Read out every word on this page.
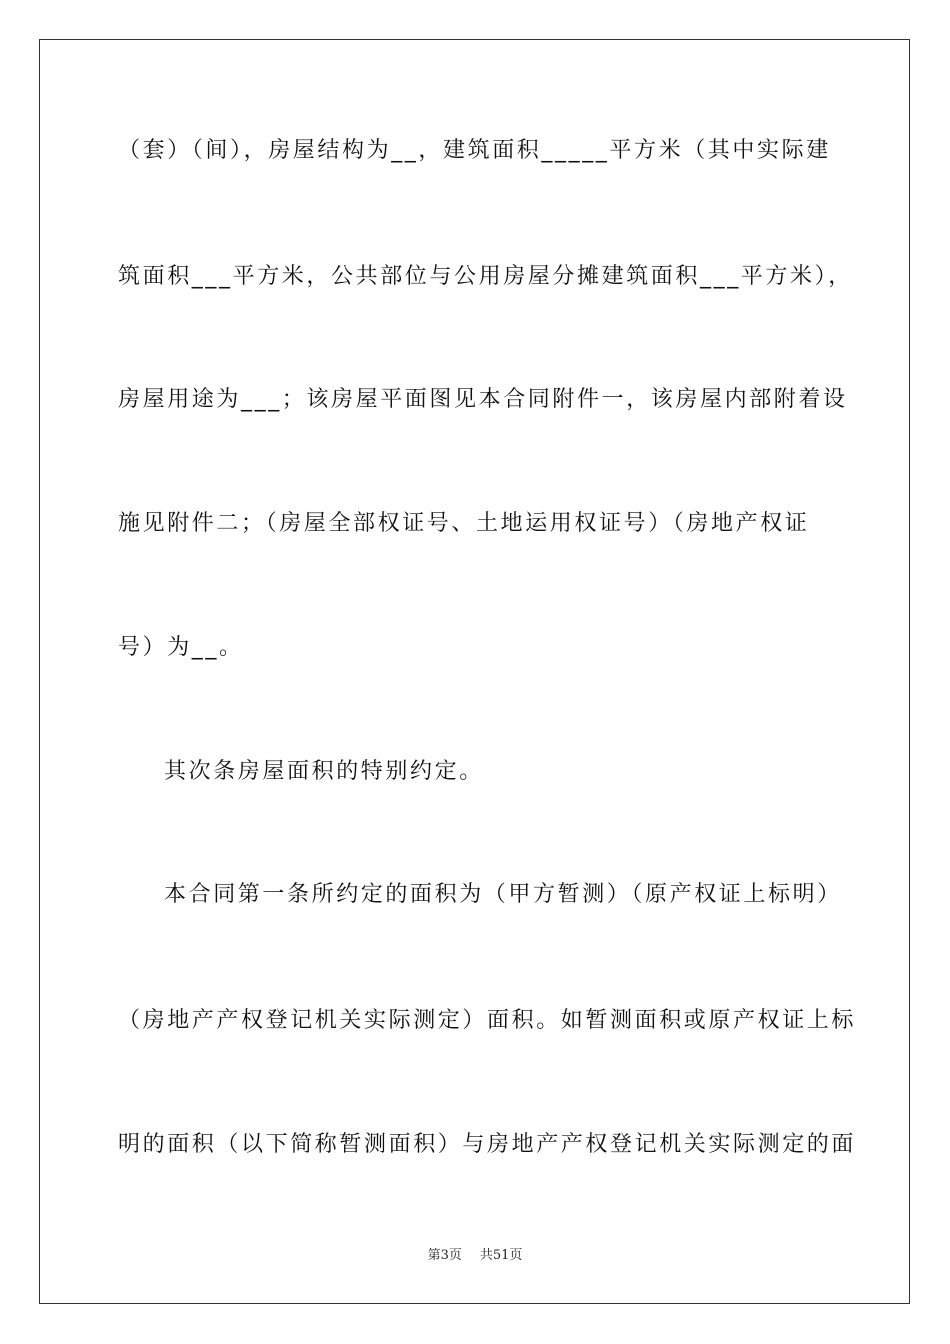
（套）（间），房屋结构为__，建筑面积_____平方米（其中实际建
筑面积___平方米，公共部位与公用房屋分摊建筑面积___平方米），
房屋用途为___；该房屋平面图见本合同附件一，该房屋内部附着设
施见附件二；（房屋全部权证号、土地运用权证号）（房地产权证
号）为__。
其次条房屋面积的特别约定。
本合同第一条所约定的面积为（甲方暂测）（原产权证上标明）
（房地产产权登记机关实际测定）面积。如暂测面积或原产权证上标
明的面积（以下简称暂测面积）与房地产产权登记机关实际测定的面
第3页 共51页
